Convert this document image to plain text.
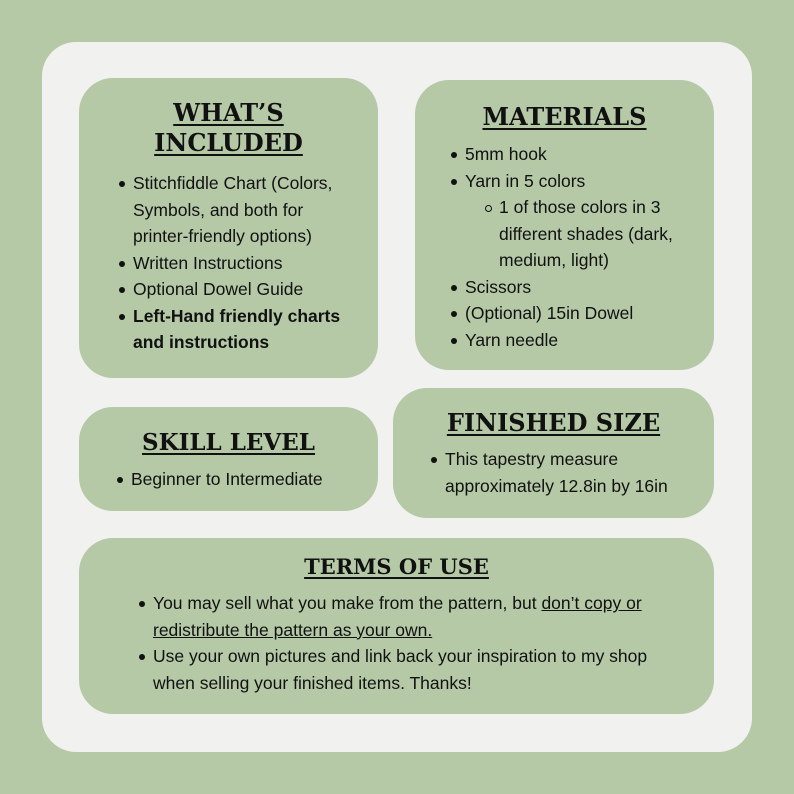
WHAT’S
INCLUDED
Stitchfiddle Chart (Colors, Symbols, and both for printer-friendly options)
Written Instructions
Optional Dowel Guide
Left-Hand friendly charts and instructions
MATERIALS
5mm hook
Yarn in 5 colors
1 of those colors in 3 different shades (dark, medium, light)
Scissors
(Optional) 15in Dowel
Yarn needle
SKILL LEVEL
Beginner to Intermediate
FINISHED SIZE
This tapestry measure approximately 12.8in by 16in
TERMS OF USE
You may sell what you make from the pattern, but don’t copy or redistribute the pattern as your own.
Use your own pictures and link back your inspiration to my shop when selling your finished items. Thanks!
